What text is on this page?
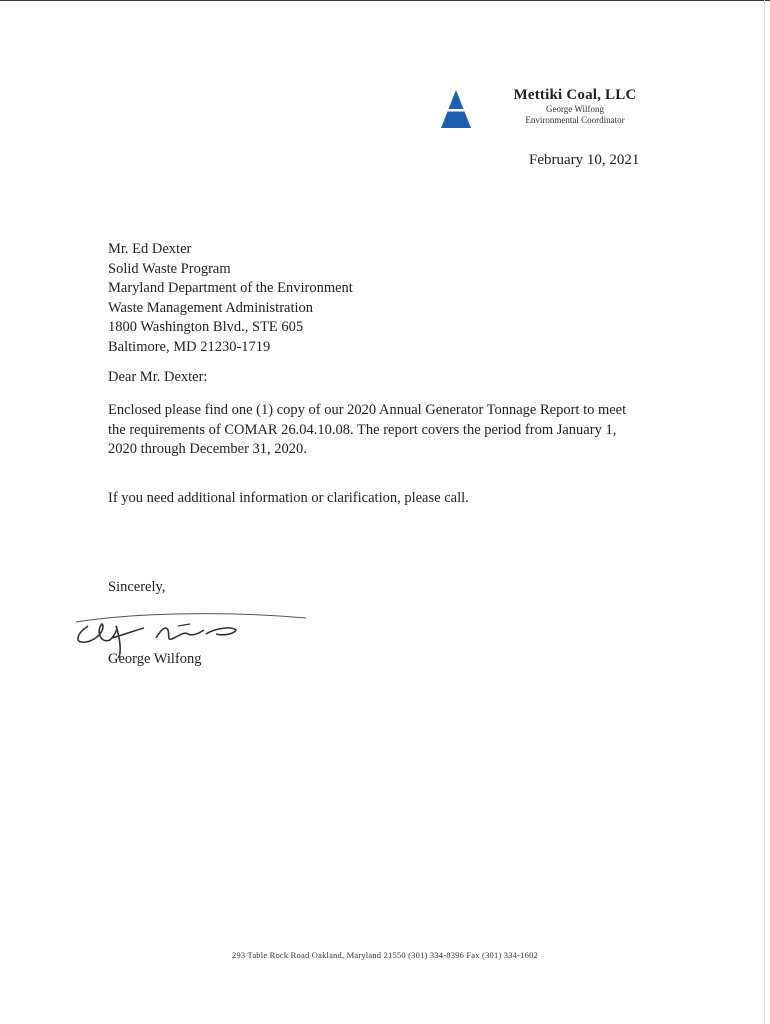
Mettiki Coal, LLC
George Wilfong
Environmental Coordinator
February 10, 2021
Mr. Ed Dexter
Solid Waste Program
Maryland Department of the Environment
Waste Management Administration
1800 Washington Blvd., STE 605
Baltimore, MD 21230-1719
Dear Mr. Dexter:
Enclosed please find one (1) copy of our 2020 Annual Generator Tonnage Report to meet
the requirements of COMAR 26.04.10.08. The report covers the period from January 1,
2020 through December 31, 2020.
If you need additional information or clarification, please call.
Sincerely,
George Wilfong
293 Table Rock Road Oakland, Maryland 21550 (301) 334-8396 Fax (301) 334-1602
